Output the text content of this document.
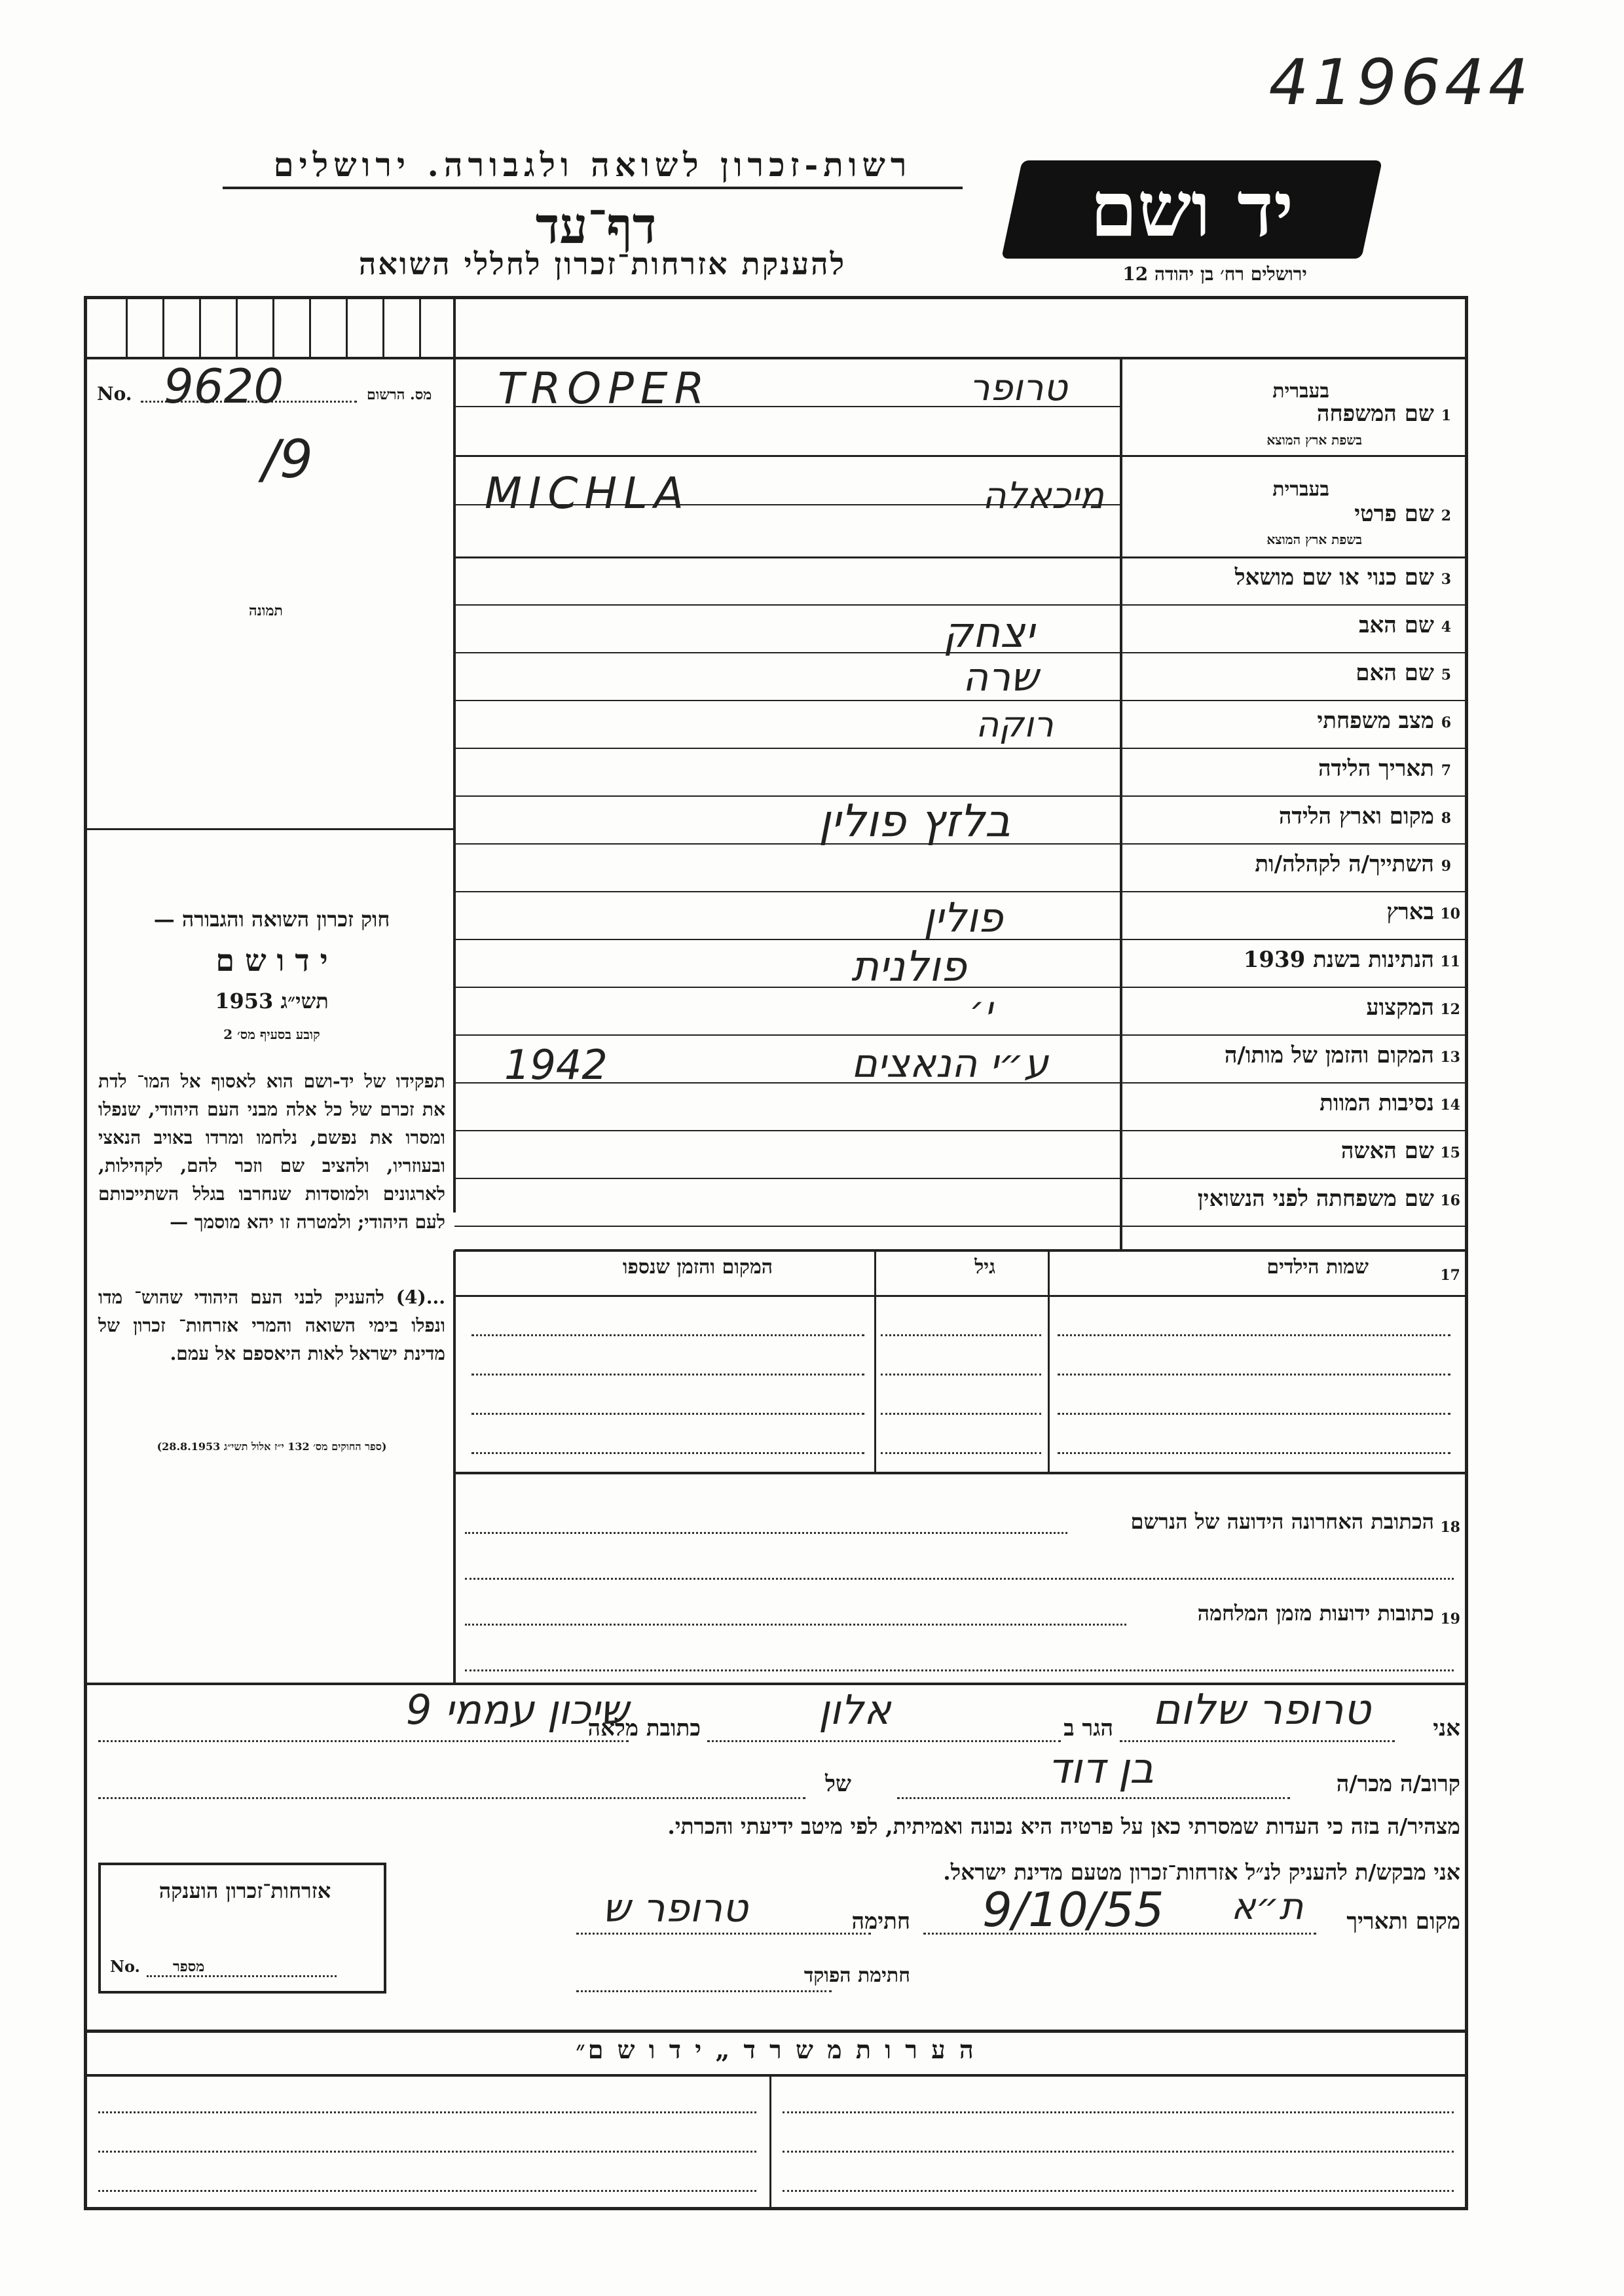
419644
רשות-זכרון לשואה ולגבורה. ירושלים
דף־עד
להענקת אזרחות־זכרון לחללי השואה
יד ושם
ירושלים רח׳ בן יהודה 12
No. 9620
/9
מס. הרשום
תמונה
חוק זכרון השואה והגבורה —
י ד ו ש ם
תשי״ג 1953
קובע בסעיף מס׳ 2
תפקידו של יד-ושם הוא לאסוף אל המו־ לדת את זכרם של כל אלה מבני העם היהודי, שנפלו ומסרו את נפשם, נלחמו ומרדו באויב הנאצי ובעוזריו, ולהציב שם וזכר להם, לקהילות, לארגונים ולמוסדות שנחרבו בגלל השתייכותם לעם היהודי; ולמטרה זו יהא מוסמך —
...(4) להעניק לבני העם היהודי שהוש־ מדו ונפלו בימי השואה והמרי אזרחות־ זכרון של מדינת ישראל לאות היאספם אל עמם.
(ספר החוקים מס׳ 132 י״ז אלול תשי״ג 28.8.1953)
שם המשפחה 1
בעברית
בשפת ארץ המוצא
TROPER	טרופר
שם פרטי 2
בעברית
בשפת ארץ המוצא
MICHLA	מיכאלה
שם כנוי או שם מושאל 3
שם האב 4
יצחק
שם האם 5
שרה
מצב משפחתי 6
רוקה
תאריך הלידה 7
מקום וארץ הלידה 8
בלזץ פולין
השתייך/ה לקהלה/ות 9
בארץ 10
פולין
הנתינות בשנת 1939 11
פולנית
המקצוע 12
י׳
המקום והזמן של מותו/ה 13
1942	ע״י הנאצים
נסיבות המוות 14
שם האשה 15
שם משפחתה לפני הנשואין 16
שמות הילדים	17
גיל
המקום והזמן שנספו
הכתובת האחרונה הידועה של הנרשם 18
כתובות ידועות מזמן המלחמה 19
אני
טרופר שלום
הגר ב
אלון
כתובת מלאה
שיכון עממי 9
קרוב/ה מכר/ה
בן דוד
של
מצהיר/ה בזה כי העדות שמסרתי כאן על פרטיה היא נכונה ואמיתית, לפי מיטב ידיעתי והכרתי.
אני מבקש/ת להעניק לנ״ל אזרחות־זכרון מטעם מדינת ישראל.
מקום ותאריך
ת״א
9/10/55
חתימה
טרופר ש
חתימת הפוקד
אזרחות־זכרון הוענקה
No. מספר
ה ע ר ו ת מ ש ר ד „ י ד ו ש ם״
